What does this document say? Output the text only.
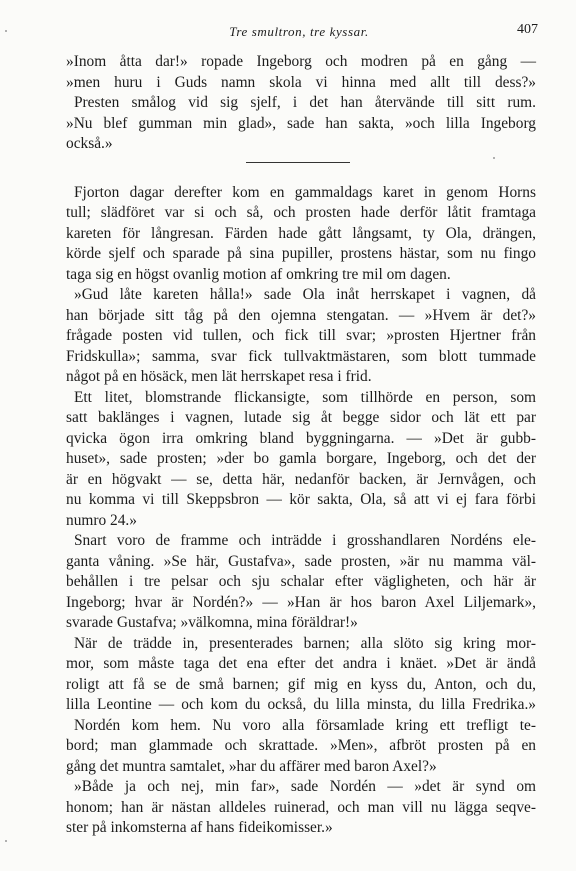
Tre smultron, tre kyssar.	407
»Inom åtta dar!» ropade Ingeborg och modren på en gång —
»men huru i Guds namn skola vi hinna med allt till dess?»
Presten smålog vid sig sjelf, i det han återvände till sitt rum.
»Nu blef gumman min glad», sade han sakta, »och lilla Ingeborg
också.»
Fjorton dagar derefter kom en gammaldags karet in genom Horns
tull; slädföret var si och så, och prosten hade derför låtit framtaga
kareten för långresan. Färden hade gått långsamt, ty Ola, drängen,
körde sjelf och sparade på sina pupiller, prostens hästar, som nu fingo
taga sig en högst ovanlig motion af omkring tre mil om dagen.
»Gud låte kareten hålla!» sade Ola inåt herrskapet i vagnen, då
han började sitt tåg på den ojemna stengatan. — »Hvem är det?»
frågade posten vid tullen, och fick till svar; »prosten Hjertner från
Fridskulla»; samma, svar fick tullvaktmästaren, som blott tummade
något på en hösäck, men lät herrskapet resa i frid.
Ett litet, blomstrande flickansigte, som tillhörde en person, som
satt baklänges i vagnen, lutade sig åt begge sidor och lät ett par
qvicka ögon irra omkring bland byggningarna. — »Det är gubb-
huset», sade prosten; »der bo gamla borgare, Ingeborg, och det der
är en högvakt — se, detta här, nedanför backen, är Jernvågen, och
nu komma vi till Skeppsbron — kör sakta, Ola, så att vi ej fara förbi
numro 24.»
Snart voro de framme och inträdde i grosshandlaren Nordéns ele-
ganta våning. »Se här, Gustafva», sade prosten, »är nu mamma väl-
behållen i tre pelsar och sju schalar efter vägligheten, och här är
Ingeborg; hvar är Nordén?» — »Han är hos baron Axel Liljemark»,
svarade Gustafva; »välkomna, mina föräldrar!»
När de trädde in, presenterades barnen; alla slöto sig kring mor-
mor, som måste taga det ena efter det andra i knäet. »Det är ändå
roligt att få se de små barnen; gif mig en kyss du, Anton, och du,
lilla Leontine — och kom du också, du lilla minsta, du lilla Fredrika.»
Nordén kom hem. Nu voro alla församlade kring ett trefligt te-
bord; man glammade och skrattade. »Men», afbröt prosten på en
gång det muntra samtalet, »har du affärer med baron Axel?»
»Både ja och nej, min far», sade Nordén — »det är synd om
honom; han är nästan alldeles ruinerad, och man vill nu lägga seqve-
ster på inkomsterna af hans fideikomisser.»
